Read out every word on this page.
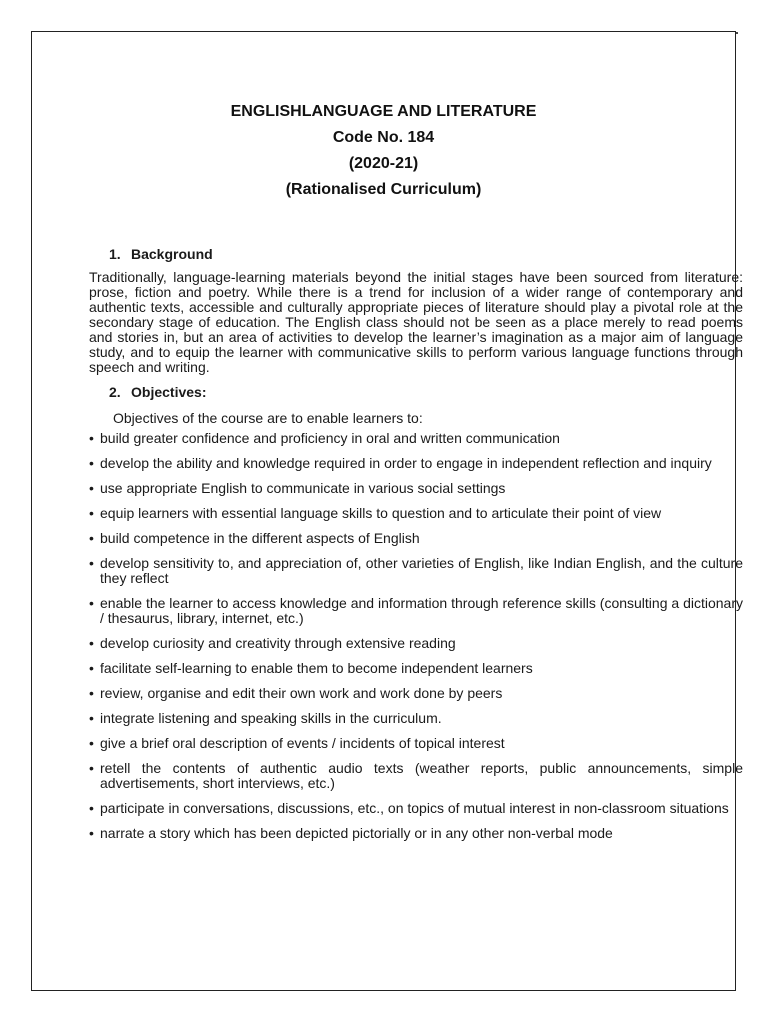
ENGLISHLANGUAGE AND LITERATURE
Code No. 184
(2020-21)
(Rationalised Curriculum)
1. Background

Traditionally, language-learning materials beyond the initial stages have been sourced from literature: prose, fiction and poetry. While there is a trend for inclusion of a wider range of contemporary and authentic texts, accessible and culturally appropriate pieces of literature should play a pivotal role at the secondary stage of education. The English class should not be seen as a place merely to read poems and stories in, but an area of activities to develop the learner’s imagination as a major aim of language study, and to equip the learner with communicative skills to perform various language functions through speech and writing.

2. Objectives:
Objectives of the course are to enable learners to:
• build greater confidence and proficiency in oral and written communication
• develop the ability and knowledge required in order to engage in independent reflection and inquiry
• use appropriate English to communicate in various social settings
• equip learners with essential language skills to question and to articulate their point of view
• build competence in the different aspects of English
• develop sensitivity to, and appreciation of, other varieties of English, like Indian English, and the culture they reflect
• enable the learner to access knowledge and information through reference skills (consulting a dictionary / thesaurus, library, internet, etc.)
• develop curiosity and creativity through extensive reading
• facilitate self-learning to enable them to become independent learners
• review, organise and edit their own work and work done by peers
• integrate listening and speaking skills in the curriculum.
• give a brief oral description of events / incidents of topical interest
• retell the contents of authentic audio texts (weather reports, public announcements, simple advertisements, short interviews, etc.)
• participate in conversations, discussions, etc., on topics of mutual interest in non-classroom situations
• narrate a story which has been depicted pictorially or in any other non-verbal mode
